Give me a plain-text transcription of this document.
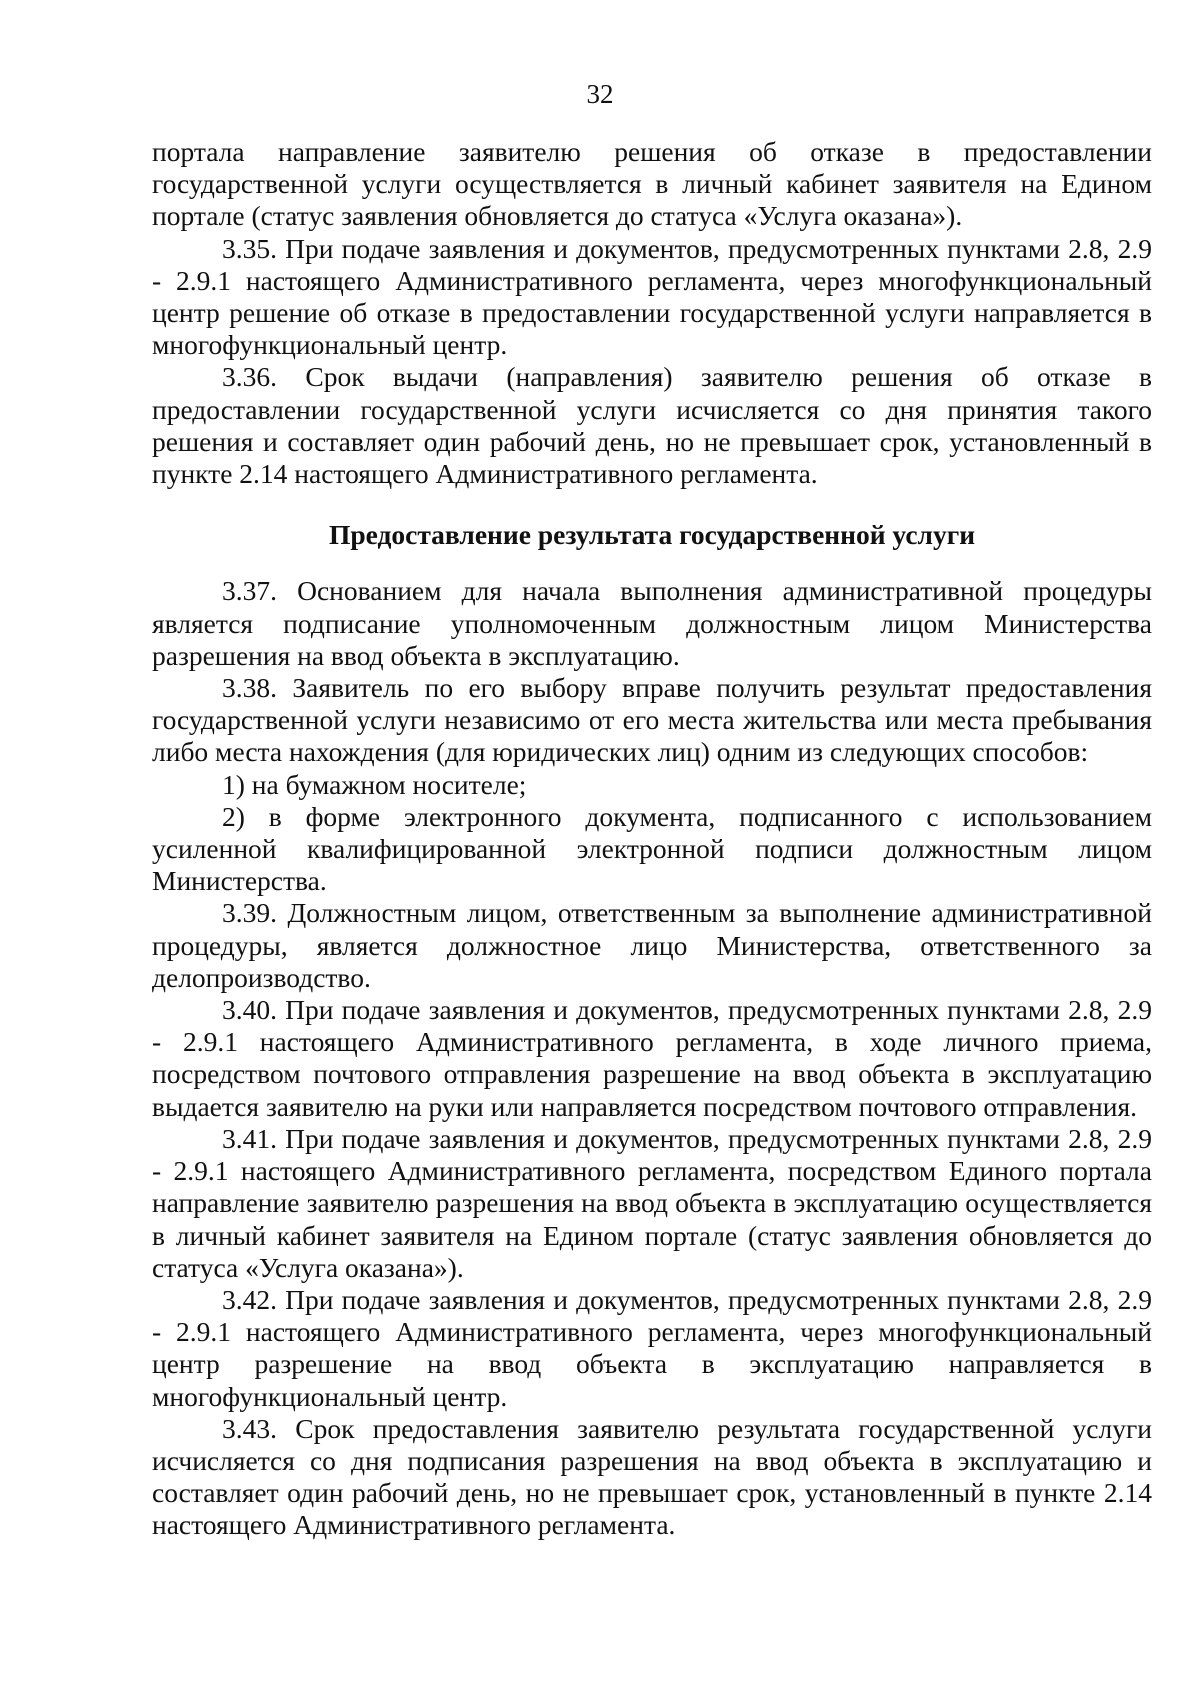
32

портала направление заявителю решения об отказе в предоставлении государственной услуги осуществляется в личный кабинет заявителя на Едином портале (статус заявления обновляется до статуса «Услуга оказана»).

3.35. При подаче заявления и документов, предусмотренных пунктами 2.8, 2.9 - 2.9.1 настоящего Административного регламента, через многофункциональный центр решение об отказе в предоставлении государственной услуги направляется в многофункциональный центр.

3.36. Срок выдачи (направления) заявителю решения об отказе в предоставлении государственной услуги исчисляется со дня принятия такого решения и составляет один рабочий день, но не превышает срок, установленный в пункте 2.14 настоящего Административного регламента.

Предоставление результата государственной услуги

3.37. Основанием для начала выполнения административной процедуры является подписание уполномоченным должностным лицом Министерства разрешения на ввод объекта в эксплуатацию.

3.38. Заявитель по его выбору вправе получить результат предоставления государственной услуги независимо от его места жительства или места пребывания либо места нахождения (для юридических лиц) одним из следующих способов:

1) на бумажном носителе;

2) в форме электронного документа, подписанного с использованием усиленной квалифицированной электронной подписи должностным лицом Министерства.

3.39. Должностным лицом, ответственным за выполнение административной процедуры, является должностное лицо Министерства, ответственного за делопроизводство.

3.40. При подаче заявления и документов, предусмотренных пунктами 2.8, 2.9 - 2.9.1 настоящего Административного регламента, в ходе личного приема, посредством почтового отправления разрешение на ввод объекта в эксплуатацию выдается заявителю на руки или направляется посредством почтового отправления.

3.41. При подаче заявления и документов, предусмотренных пунктами 2.8, 2.9 - 2.9.1 настоящего Административного регламента, посредством Единого портала направление заявителю разрешения на ввод объекта в эксплуатацию осуществляется в личный кабинет заявителя на Едином портале (статус заявления обновляется до статуса «Услуга оказана»).

3.42. При подаче заявления и документов, предусмотренных пунктами 2.8, 2.9 - 2.9.1 настоящего Административного регламента, через многофункциональный центр разрешение на ввод объекта в эксплуатацию направляется в многофункциональный центр.

3.43. Срок предоставления заявителю результата государственной услуги исчисляется со дня подписания разрешения на ввод объекта в эксплуатацию и составляет один рабочий день, но не превышает срок, установленный в пункте 2.14 настоящего Административного регламента.
